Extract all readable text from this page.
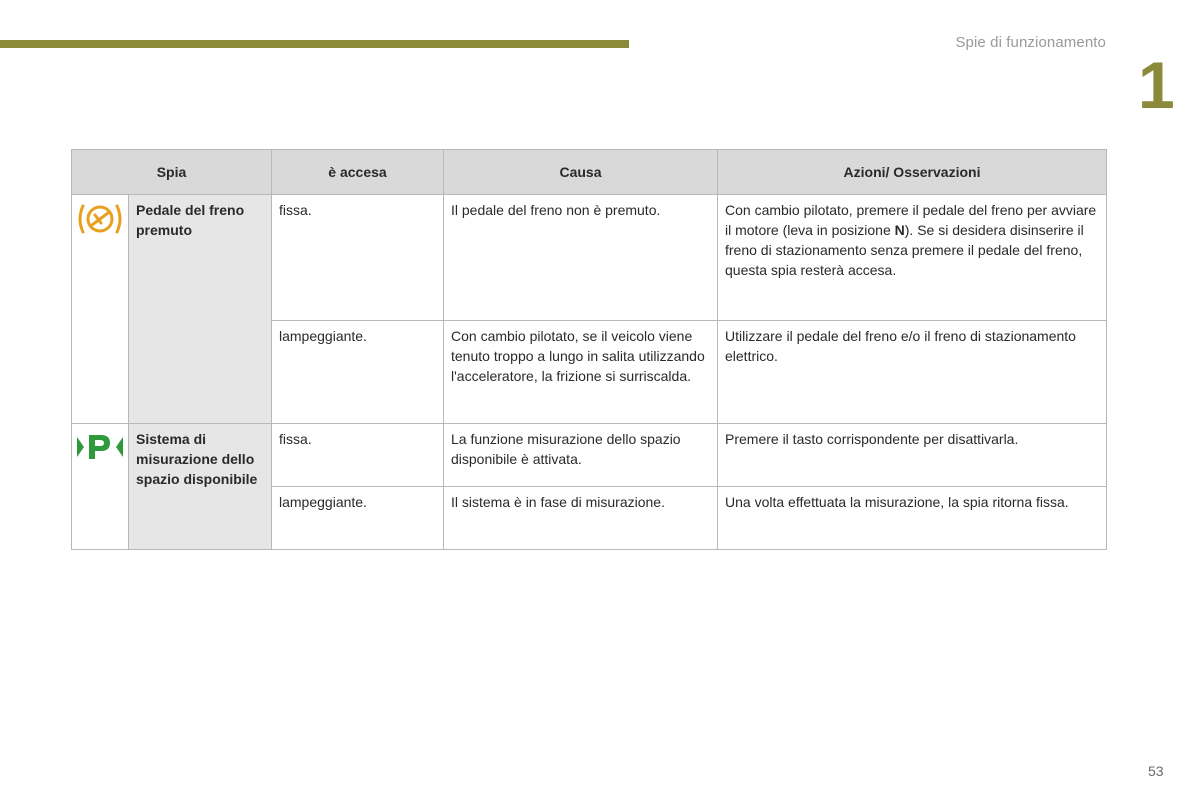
Spie di funzionamento
1
Spia		è accesa	Causa	Azioni/ Osservazioni

Pedale del freno premuto	fissa.	Il pedale del freno non è premuto.	Con cambio pilotato, premere il pedale del freno per avviare il motore (leva in posizione N). Se si desidera disinserire il freno di stazionamento senza premere il pedale del freno, questa spia resterà accesa.

		lampeggiante.	Con cambio pilotato, se il veicolo viene tenuto troppo a lungo in salita utilizzando l'acceleratore, la frizione si surriscalda.	Utilizzare il pedale del freno e/o il freno di stazionamento elettrico.

Sistema di misurazione dello spazio disponibile	fissa.	La funzione misurazione dello spazio disponibile è attivata.	Premere il tasto corrispondente per disattivarla.

		lampeggiante.	Il sistema è in fase di misurazione.	Una volta effettuata la misurazione, la spia ritorna fissa.
53
